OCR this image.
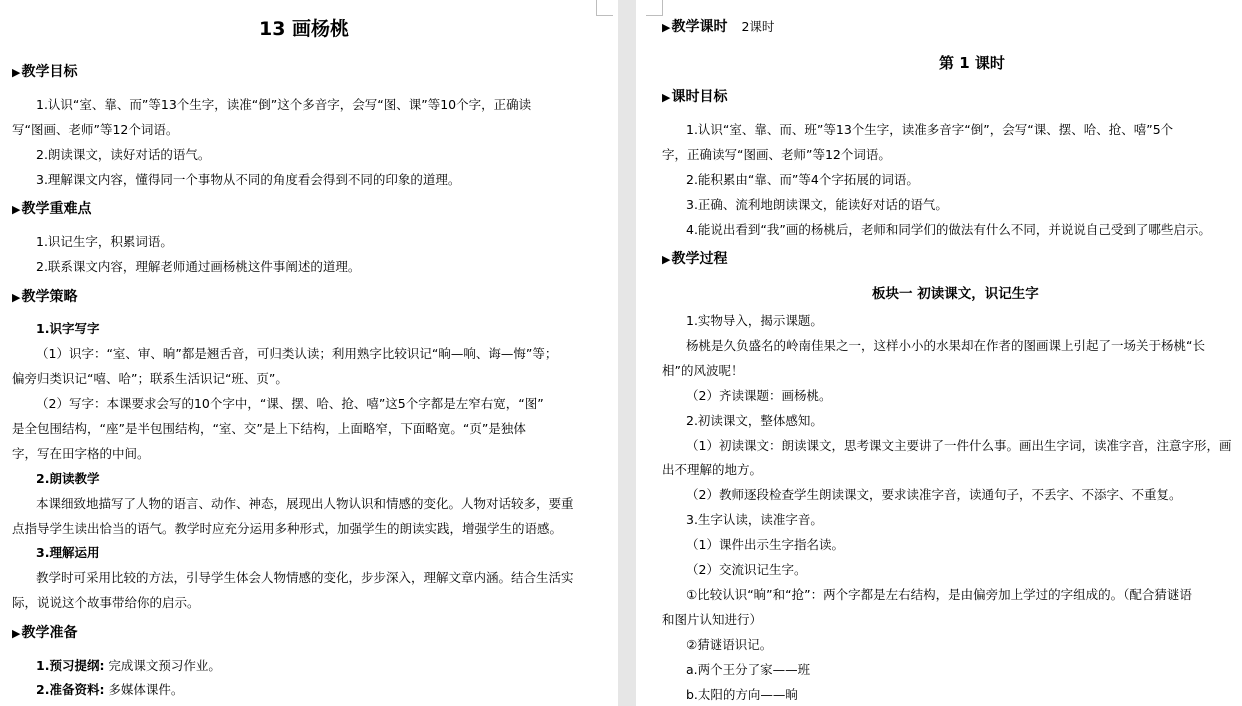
13 画杨桃
▶教学目标
1.认识“室、靠、而”等13个生字，读准“倒”这个多音字，会写“图、课”等10个字，正确读
写“图画、老师”等12个词语。
2.朗读课文，读好对话的语气。
3.理解课文内容，懂得同一个事物从不同的角度看会得到不同的印象的道理。
▶教学重难点
1.识记生字，积累词语。
2.联系课文内容，理解老师通过画杨桃这件事阐述的道理。
▶教学策略
1.识字写字
（1）识字：“室、审、晌”都是翘舌音，可归类认读；利用熟字比较识记“晌—响、诲—悔”等；
偏旁归类识记“嘻、哈”；联系生活识记“班、页”。
（2）写字：本课要求会写的10个字中，“课、摆、哈、抢、嘻”这5个字都是左窄右宽，“图”
是全包围结构，“座”是半包围结构，“室、交”是上下结构，上面略窄，下面略宽。“页”是独体
字，写在田字格的中间。
2.朗读教学
本课细致地描写了人物的语言、动作、神态，展现出人物认识和情感的变化。人物对话较多，要重
点指导学生读出恰当的语气。教学时应充分运用多种形式，加强学生的朗读实践，增强学生的语感。
3.理解运用
教学时可采用比较的方法，引导学生体会人物情感的变化，步步深入，理解文章内涵。结合生活实
际，说说这个故事带给你的启示。
▶教学准备
1.预习提纲: 完成课文预习作业。
2.准备资料: 多媒体课件。
▶教学课时 2课时
第 1 课时
▶课时目标
1.认识“室、靠、而、班”等13个生字，读准多音字“倒”，会写“课、摆、哈、抢、嘻”5个
字，正确读写“图画、老师”等12个词语。
2.能积累由“靠、而”等4个字拓展的词语。
3.正确、流利地朗读课文，能读好对话的语气。
4.能说出看到“我”画的杨桃后，老师和同学们的做法有什么不同，并说说自己受到了哪些启示。
▶教学过程
板块一 初读课文，识记生字
1.实物导入，揭示课题。
杨桃是久负盛名的岭南佳果之一，这样小小的水果却在作者的图画课上引起了一场关于杨桃“长
相”的风波呢！
（2）齐读课题：画杨桃。
2.初读课文，整体感知。
（1）初读课文：朗读课文，思考课文主要讲了一件什么事。画出生字词，读准字音，注意字形，画
出不理解的地方。
（2）教师逐段检查学生朗读课文，要求读准字音，读通句子，不丢字、不添字、不重复。
3.生字认读，读准字音。
（1）课件出示生字指名读。
（2）交流识记生字。
①比较认识“晌”和“抢”：两个字都是左右结构，是由偏旁加上学过的字组成的。（配合猜谜语
和图片认知进行）
②猜谜语识记。
a.两个王分了家——班
b.太阳的方向——晌
